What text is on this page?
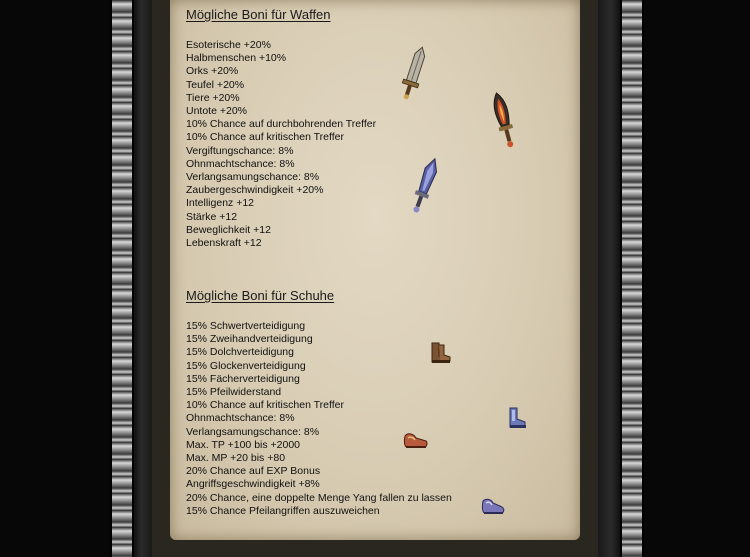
Mögliche Boni für Waffen
Esoterische +20%
Halbmenschen +10%
Orks +20%
Teufel +20%
Tiere +20%
Untote +20%
10% Chance auf durchbohrenden Treffer
10% Chance auf kritischen Treffer
Vergiftungschance: 8%
Ohnmachtschance: 8%
Verlangsamungschance: 8%
Zaubergeschwindigkeit +20%
Intelligenz +12
Stärke +12
Beweglichkeit +12
Lebenskraft +12
Mögliche Boni für Schuhe
15% Schwertverteidigung
15% Zweihandverteidigung
15% Dolchverteidigung
15% Glockenverteidigung
15% Fächerverteidigung
15% Pfeilwiderstand
10% Chance auf kritischen Treffer
Ohnmachtschance: 8%
Verlangsamungschance: 8%
Max. TP +100 bis +2000
Max. MP +20 bis +80
20% Chance auf EXP Bonus
Angriffsgeschwindigkeit +8%
20% Chance, eine doppelte Menge Yang fallen zu lassen
15% Chance Pfeilangriffen auszuweichen
